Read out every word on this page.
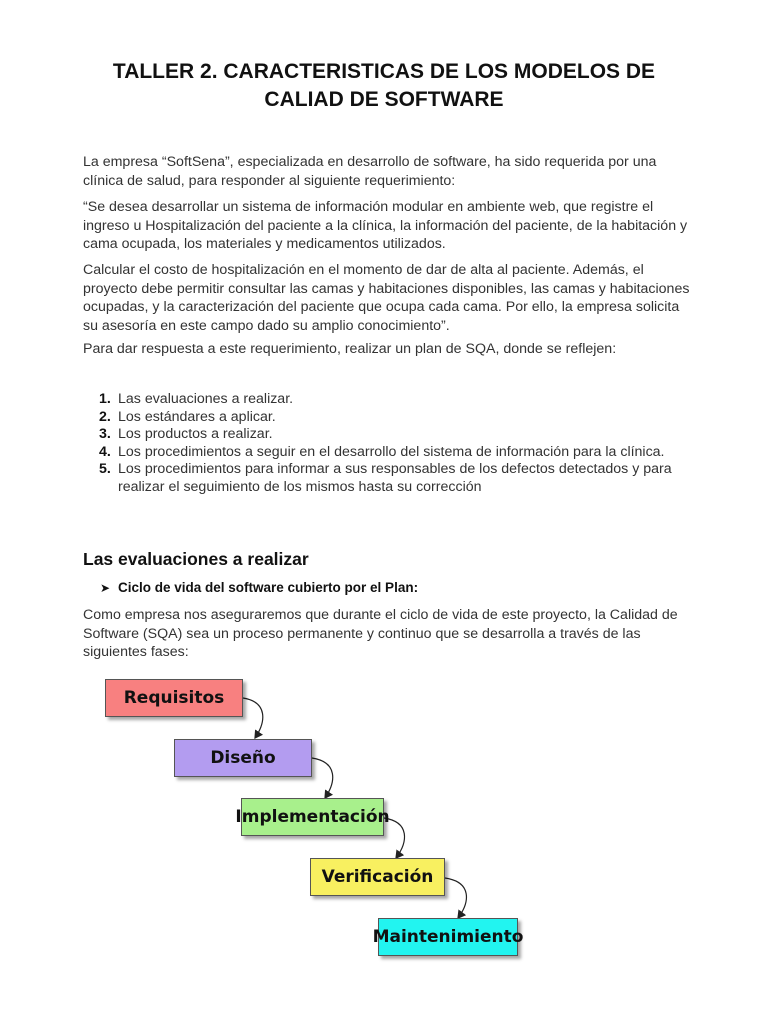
TALLER 2. CARACTERISTICAS DE LOS MODELOS DE
CALIAD DE SOFTWARE

La empresa “SoftSena”, especializada en desarrollo de software, ha sido requerida por una clínica de salud, para responder al siguiente requerimiento:

“Se desea desarrollar un sistema de información modular en ambiente web, que registre el ingreso u Hospitalización del paciente a la clínica, la información del paciente, de la habitación y cama ocupada, los materiales y medicamentos utilizados.

Calcular el costo de hospitalización en el momento de dar de alta al paciente. Además, el proyecto debe permitir consultar las camas y habitaciones disponibles, las camas y habitaciones ocupadas, y la caracterización del paciente que ocupa cada cama. Por ello, la empresa solicita su asesoría en este campo dado su amplio conocimiento”.

Para dar respuesta a este requerimiento, realizar un plan de SQA, donde se reflejen:

1. Las evaluaciones a realizar.
2. Los estándares a aplicar.
3. Los productos a realizar.
4. Los procedimientos a seguir en el desarrollo del sistema de información para la clínica.
5. Los procedimientos para informar a sus responsables de los defectos detectados y para realizar el seguimiento de los mismos hasta su corrección
Las evaluaciones a realizar
➤ Ciclo de vida del software cubierto por el Plan:

Como empresa nos aseguraremos que durante el ciclo de vida de este proyecto, la Calidad de Software (SQA) sea un proceso permanente y continuo que se desarrolla a través de las siguientes fases:

Requisitos
Diseño
Implementación
Verificación
Maintenimiento
